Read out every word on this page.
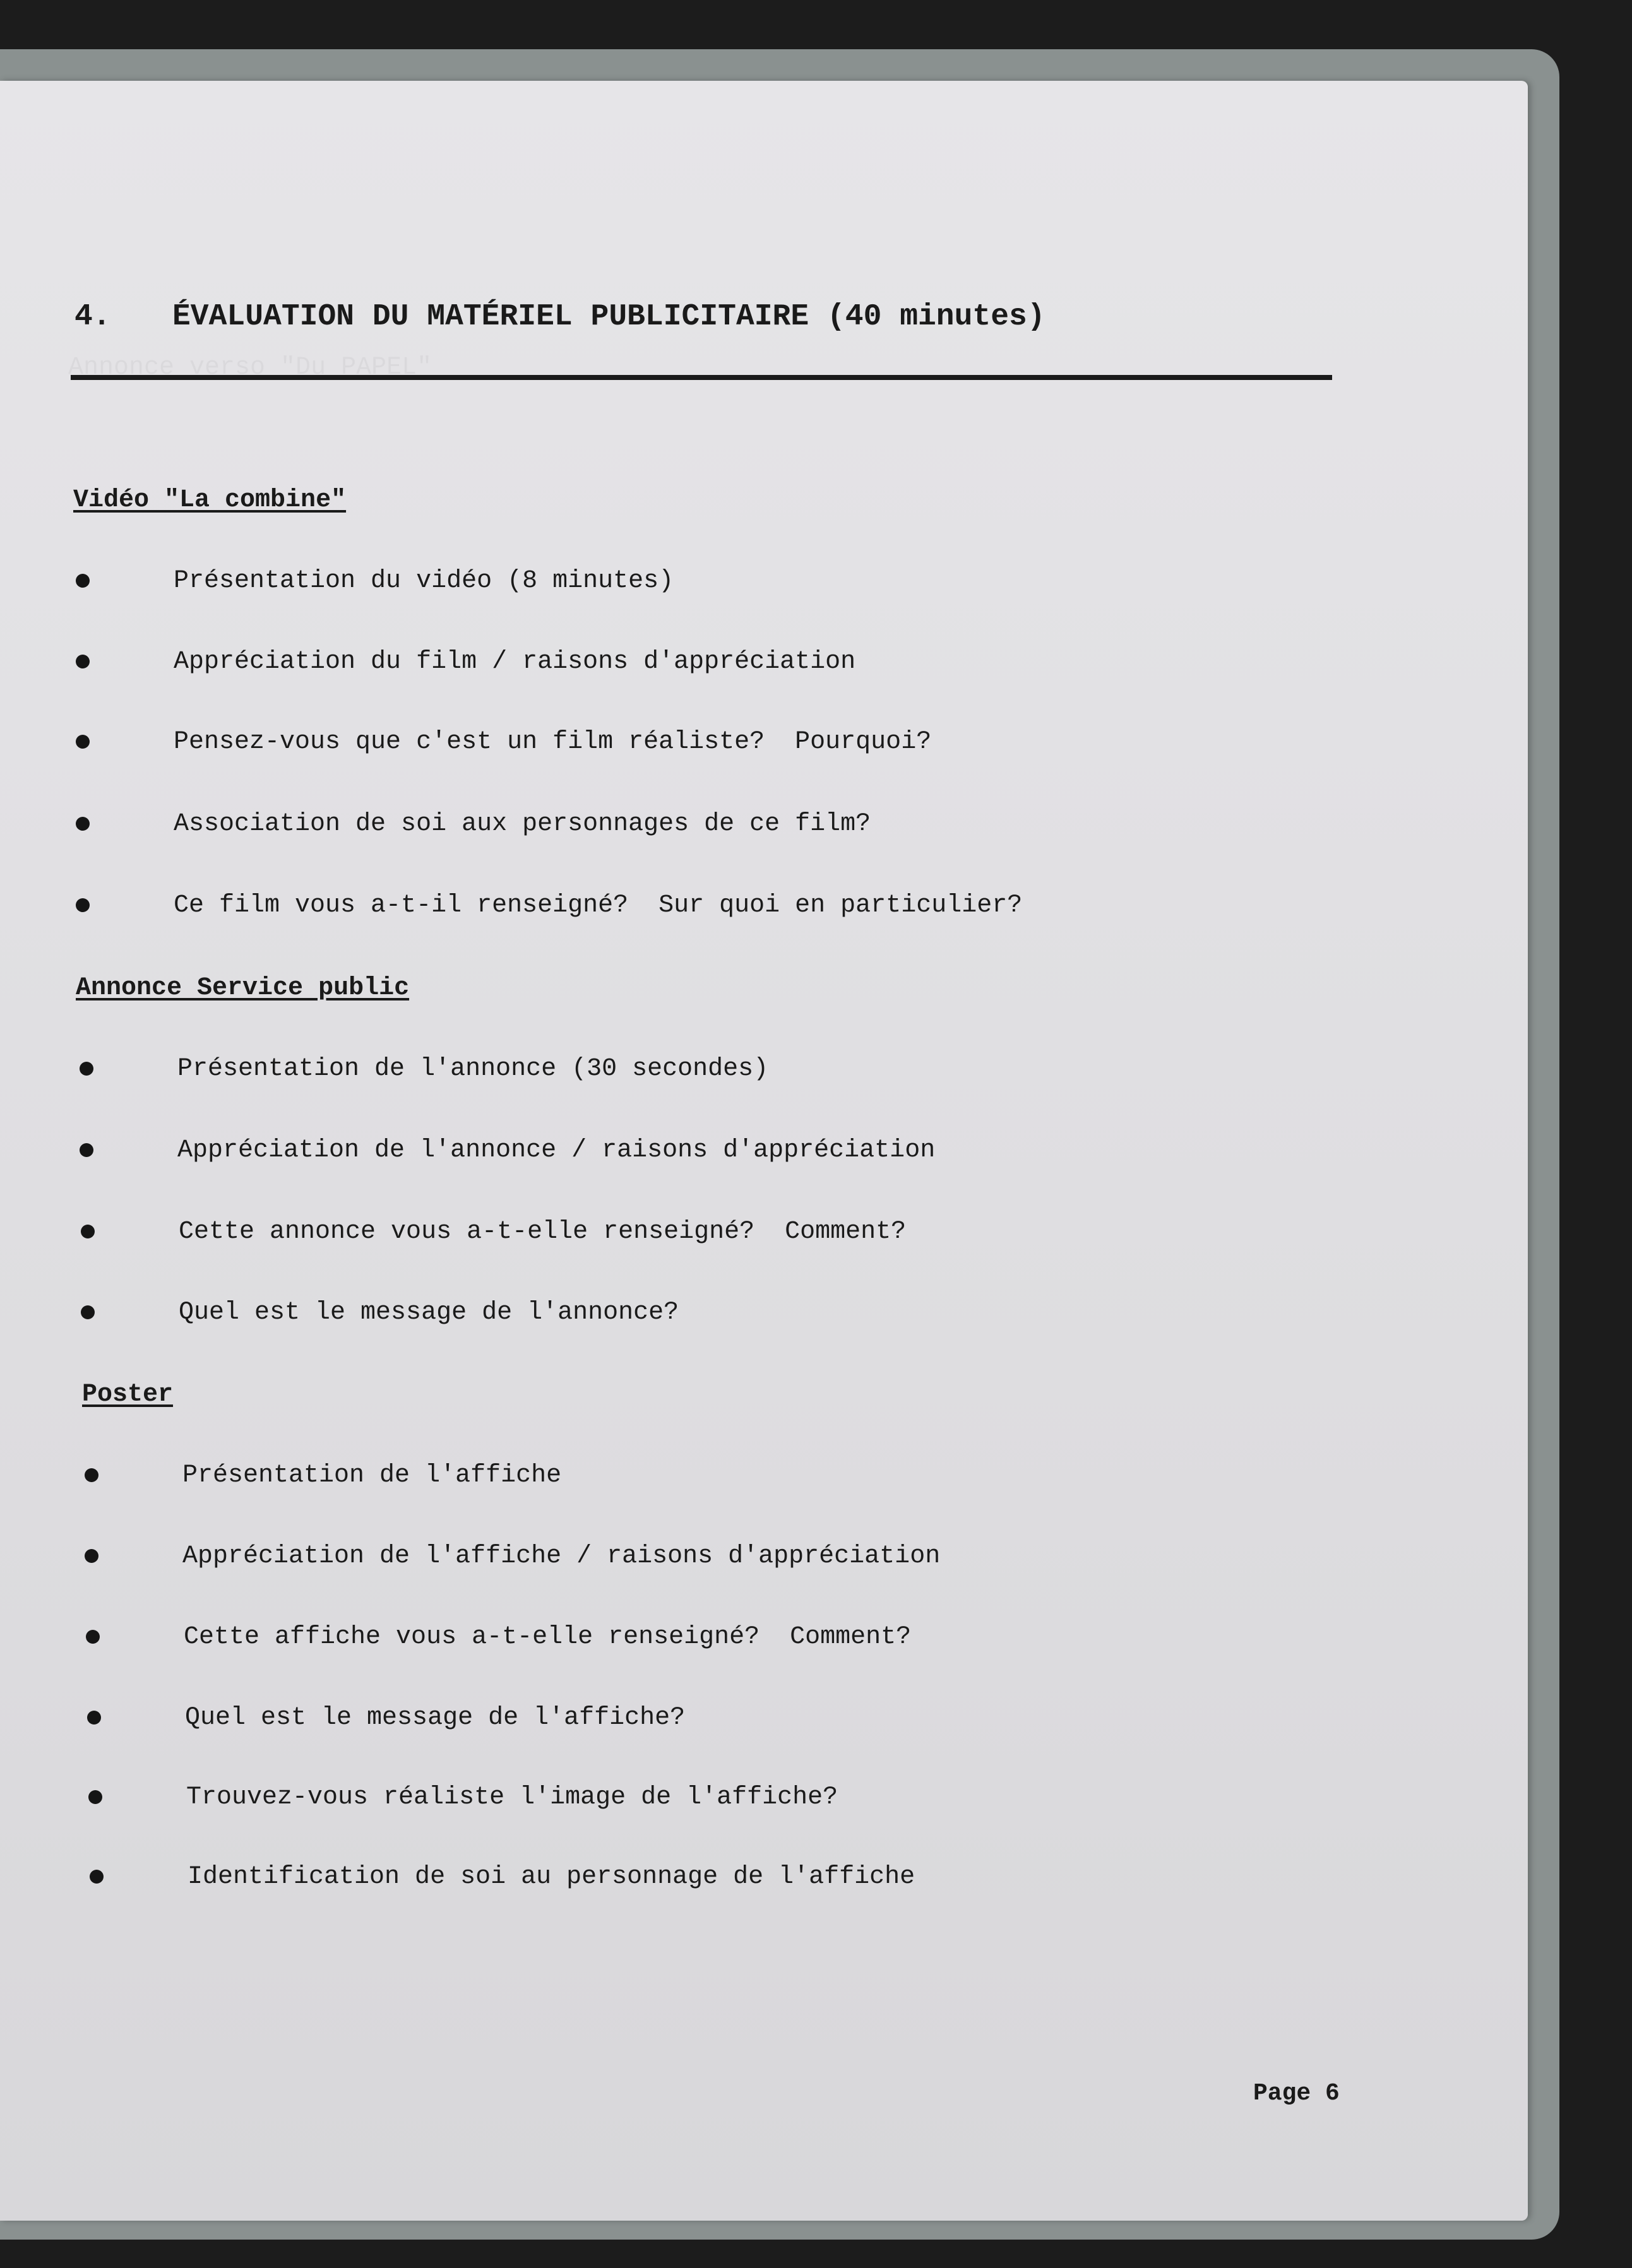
4. ÉVALUATION DU MATÉRIEL PUBLICITAIRE (40 minutes)
Vidéo "La combine"

Présentation du vidéo (8 minutes)

Appréciation du film / raisons d'appréciation

Pensez-vous que c'est un film réaliste?  Pourquoi?

Association de soi aux personnages de ce film?

Ce film vous a-t-il renseigné?  Sur quoi en particulier?

Annonce Service public

Présentation de l'annonce (30 secondes)

Appréciation de l'annonce / raisons d'appréciation

Cette annonce vous a-t-elle renseigné?  Comment?

Quel est le message de l'annonce?

Poster

Présentation de l'affiche

Appréciation de l'affiche / raisons d'appréciation

Cette affiche vous a-t-elle renseigné?  Comment?

Quel est le message de l'affiche?

Trouvez-vous réaliste l'image de l'affiche?

Identification de soi au personnage de l'affiche

Page 6
